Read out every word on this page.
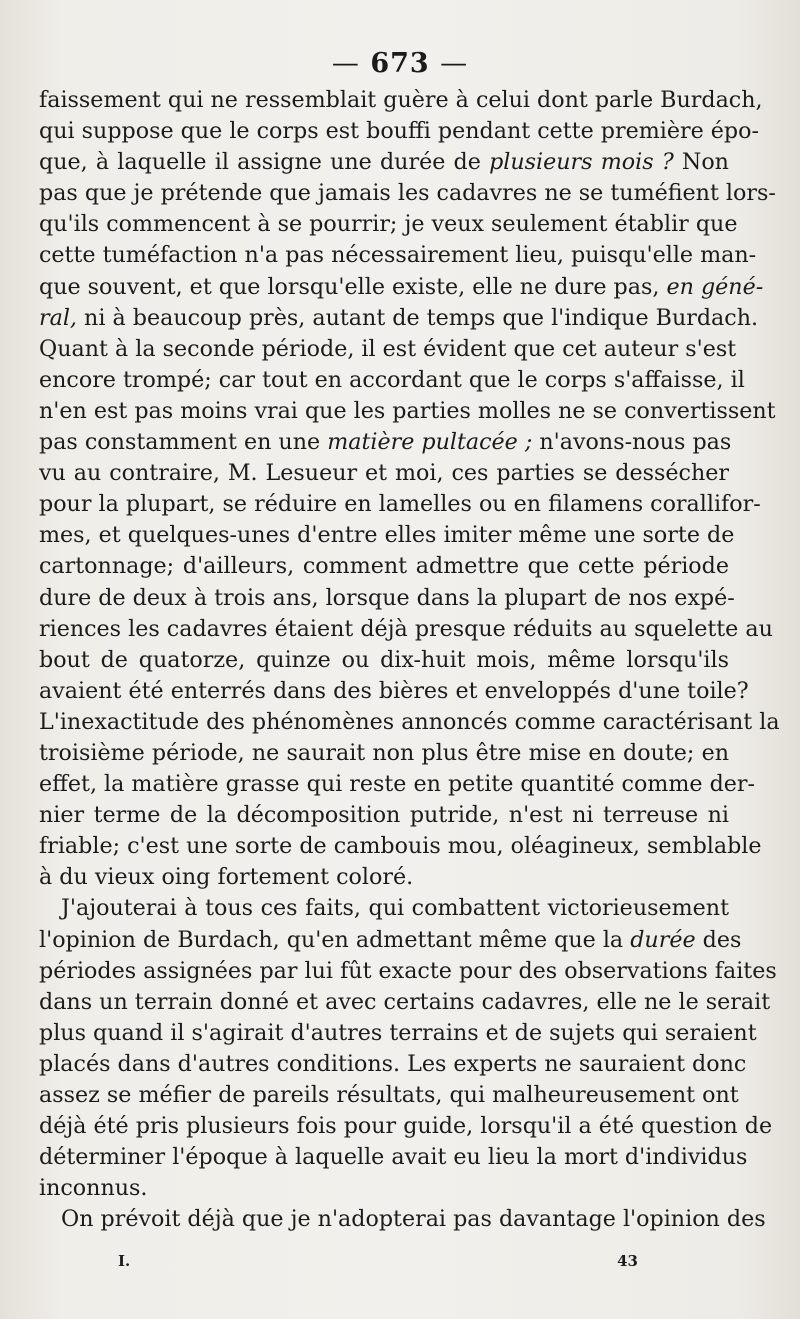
— 673 —
faissement qui ne ressemblait guère à celui dont parle Burdach,
qui suppose que le corps est bouffi pendant cette première épo-
que, à laquelle il assigne une durée de plusieurs mois ? Non
pas que je prétende que jamais les cadavres ne se tuméfient lors-
qu'ils commencent à se pourrir; je veux seulement établir que
cette tuméfaction n'a pas nécessairement lieu, puisqu'elle man-
que souvent, et que lorsqu'elle existe, elle ne dure pas, en géné-
ral, ni à beaucoup près, autant de temps que l'indique Burdach.
Quant à la seconde période, il est évident que cet auteur s'est
encore trompé; car tout en accordant que le corps s'affaisse, il
n'en est pas moins vrai que les parties molles ne se convertissent
pas constamment en une matière pultacée ; n'avons-nous pas
vu au contraire, M. Lesueur et moi, ces parties se dessécher
pour la plupart, se réduire en lamelles ou en filamens corallifor-
mes, et quelques-unes d'entre elles imiter même une sorte de
cartonnage; d'ailleurs, comment admettre que cette période
dure de deux à trois ans, lorsque dans la plupart de nos expé-
riences les cadavres étaient déjà presque réduits au squelette au
bout de quatorze, quinze ou dix-huit mois, même lorsqu'ils
avaient été enterrés dans des bières et enveloppés d'une toile?
L'inexactitude des phénomènes annoncés comme caractérisant la
troisième période, ne saurait non plus être mise en doute; en
effet, la matière grasse qui reste en petite quantité comme der-
nier terme de la décomposition putride, n'est ni terreuse ni
friable; c'est une sorte de cambouis mou, oléagineux, semblable
à du vieux oing fortement coloré.
J'ajouterai à tous ces faits, qui combattent victorieusement
l'opinion de Burdach, qu'en admettant même que la durée des
périodes assignées par lui fût exacte pour des observations faites
dans un terrain donné et avec certains cadavres, elle ne le serait
plus quand il s'agirait d'autres terrains et de sujets qui seraient
placés dans d'autres conditions. Les experts ne sauraient donc
assez se méfier de pareils résultats, qui malheureusement ont
déjà été pris plusieurs fois pour guide, lorsqu'il a été question de
déterminer l'époque à laquelle avait eu lieu la mort d'individus
inconnus.
On prévoit déjà que je n'adopterai pas davantage l'opinion des
I.	43
